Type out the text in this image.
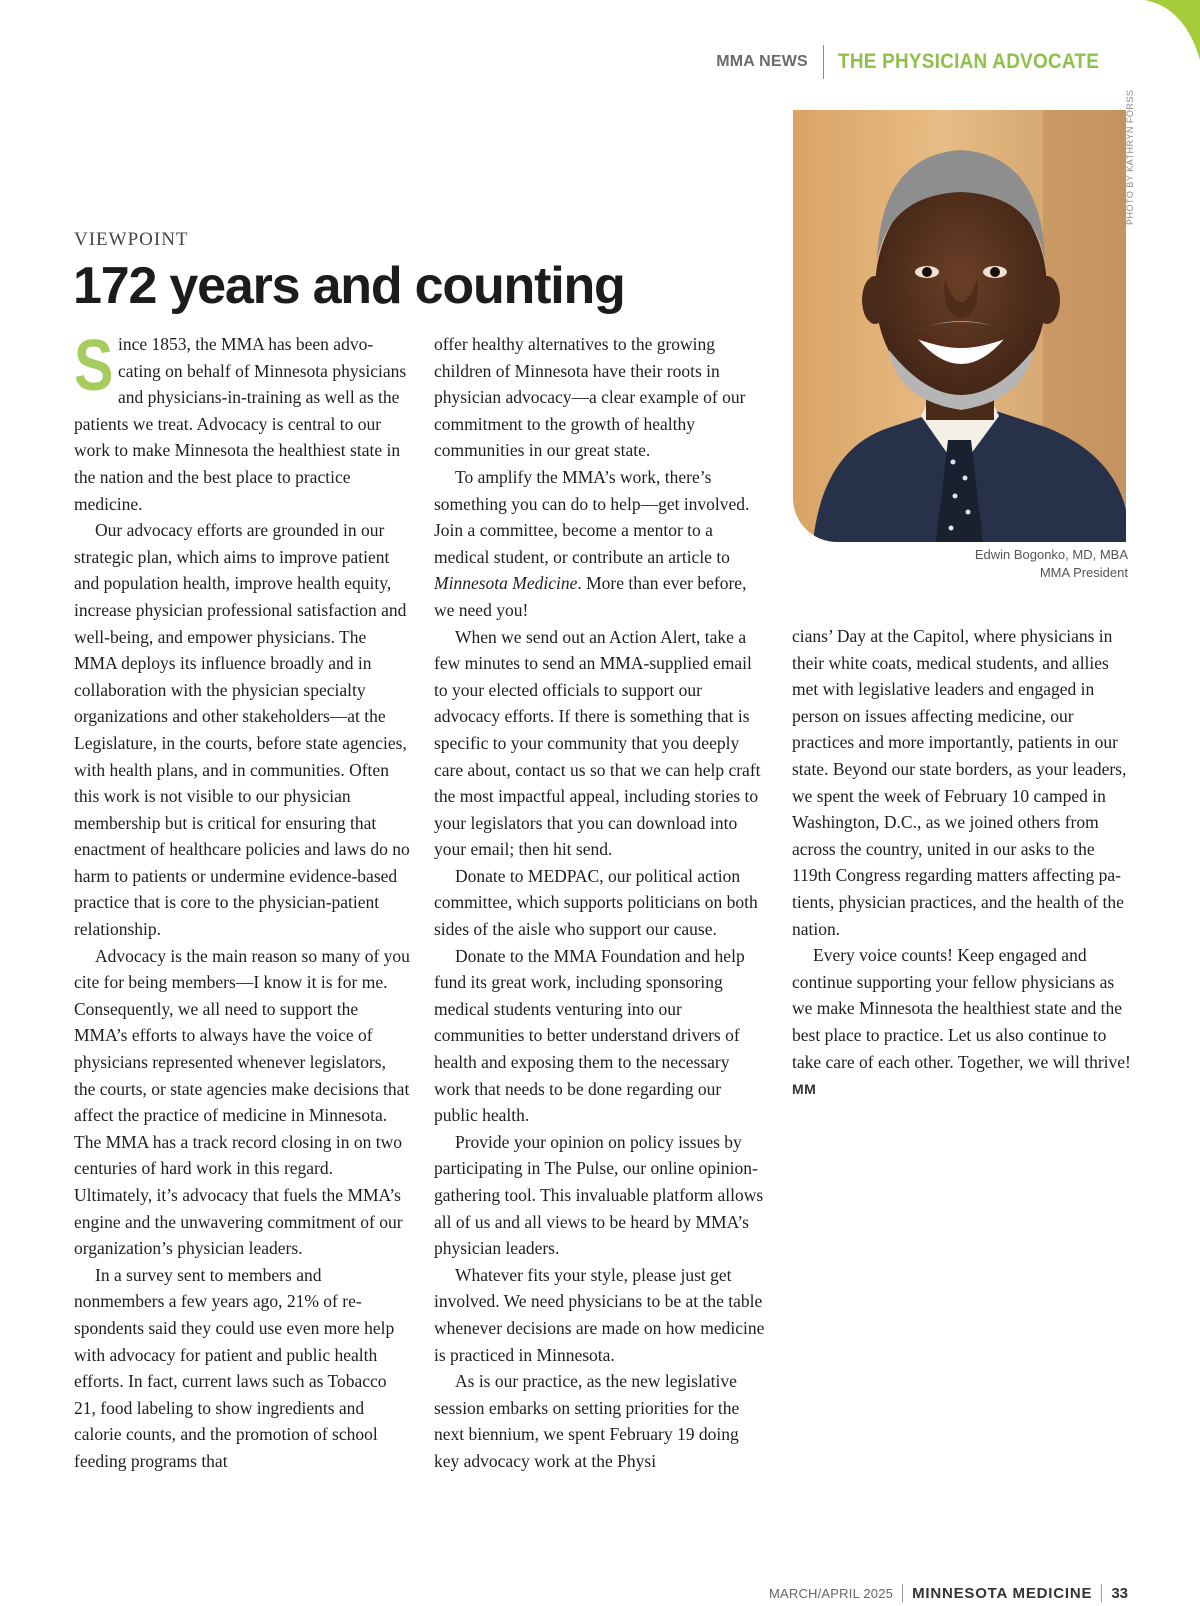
MMA NEWS THE PHYSICIAN ADVOCATE
VIEWPOINT
172 years and counting

Since 1853, the MMA has been advocating on behalf of Minnesota physicians and physicians-in-training as well as the patients we treat. Advocacy is central to our work to make Minnesota the healthiest state in the nation and the best place to practice medicine.

Our advocacy efforts are grounded in our strategic plan, which aims to improve patient and population health, improve health equity, increase physician professional satisfaction and well-being, and empower physicians. The MMA deploys its influence broadly and in collaboration with the physician specialty organizations and other stakeholders—at the Legislature, in the courts, before state agencies, with health plans, and in communities. Often this work is not visible to our physician membership but is critical for ensuring that enactment of healthcare policies and laws do no harm to patients or undermine evidence-based practice that is core to the physician-patient relationship.

Advocacy is the main reason so many of you cite for being members—I know it is for me. Consequently, we all need to support the MMA’s efforts to always have the voice of physicians represented whenever legislators, the courts, or state agencies make decisions that affect the practice of medicine in Minnesota. The MMA has a track record closing in on two centuries of hard work in this regard. Ultimately, it’s advocacy that fuels the MMA’s engine and the unwavering commitment of our organization’s physician leaders.

In a survey sent to members and nonmembers a few years ago, 21% of respondents said they could use even more help with advocacy for patient and public health efforts. In fact, current laws such as Tobacco 21, food labeling to show ingredients and calorie counts, and the promotion of school feeding programs that

offer healthy alternatives to the growing children of Minnesota have their roots in physician advocacy—a clear example of our commitment to the growth of healthy communities in our great state.

To amplify the MMA’s work, there’s something you can do to help—get involved. Join a committee, become a mentor to a medical student, or contribute an article to Minnesota Medicine. More than ever before, we need you!

When we send out an Action Alert, take a few minutes to send an MMA-supplied email to your elected officials to support our advocacy efforts. If there is something that is specific to your community that you deeply care about, contact us so that we can help craft the most impactful appeal, including stories to your legislators that you can download into your email; then hit send.

Donate to MEDPAC, our political action committee, which supports politicians on both sides of the aisle who support our cause.

Donate to the MMA Foundation and help fund its great work, including sponsoring medical students venturing into our communities to better understand drivers of health and exposing them to the necessary work that needs to be done regarding our public health.

Provide your opinion on policy issues by participating in The Pulse, our online opinion-gathering tool. This invaluable platform allows all of us and all views to be heard by MMA’s physician leaders.

Whatever fits your style, please just get involved. We need physicians to be at the table whenever decisions are made on how medicine is practiced in Minnesota.

As is our practice, as the new legislative session embarks on setting priorities for the next biennium, we spent February 19 doing key advocacy work at the Physi

PHOTO BY KATHRYN FORSS
Edwin Bogonko, MD, MBA
MMA President

cians’ Day at the Capitol, where physicians in their white coats, medical students, and allies met with legislative leaders and engaged in person on issues affecting medicine, our practices and more importantly, patients in our state. Beyond our state borders, as your leaders, we spent the week of February 10 camped in Washington, D.C., as we joined others from across the country, united in our asks to the 119th Congress regarding matters affecting patients, physician practices, and the health of the nation.

Every voice counts! Keep engaged and continue supporting your fellow physicians as we make Minnesota the healthiest state and the best place to practice. Let us also continue to take care of each other. Together, we will thrive! MM

MARCH/APRIL 2025 MINNESOTA MEDICINE 33
